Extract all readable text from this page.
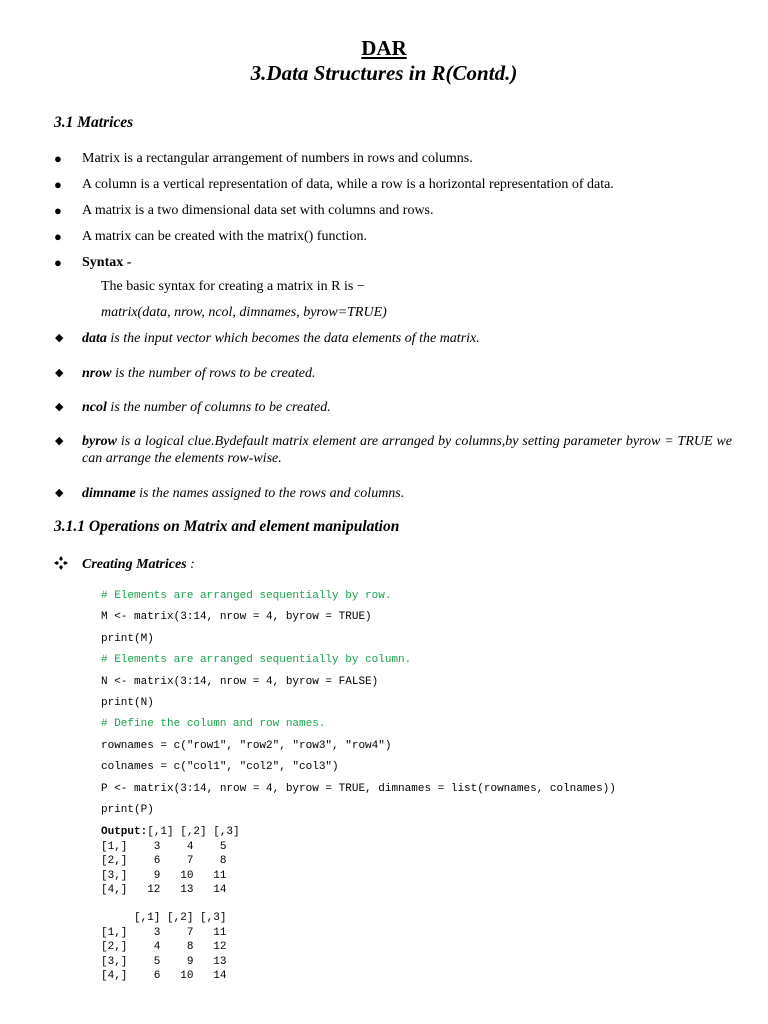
DAR
3.Data Structures in R(Contd.)
3.1 Matrices
● Matrix is a rectangular arrangement of numbers in rows and columns.
● A column is a vertical representation of data, while a row is a horizontal representation of data.
● A matrix is a two dimensional data set with columns and rows.
● A matrix can be created with the matrix() function.
● Syntax -
The basic syntax for creating a matrix in R is −
matrix(data, nrow, ncol, dimnames, byrow=TRUE)
◆ data is the input vector which becomes the data elements of the matrix.
◆ nrow is the number of rows to be created.
◆ ncol is the number of columns to be created.
◆ byrow is a logical clue.Bydefault matrix element are arranged by columns,by setting parameter byrow = TRUE we can arrange the elements row-wise.
◆ dimname is the names assigned to the rows and columns.
3.1.1 Operations on Matrix and element manipulation
Creating Matrices :
# Elements are arranged sequentially by row.
M <- matrix(3:14, nrow = 4, byrow = TRUE)
print(M)
# Elements are arranged sequentially by column.
N <- matrix(3:14, nrow = 4, byrow = FALSE)
print(N)
# Define the column and row names.
rownames = c("row1", "row2", "row3", "row4")
colnames = c("col1", "col2", "col3")
P <- matrix(3:14, nrow = 4, byrow = TRUE, dimnames = list(rownames, colnames))
print(P)
Output:[,1] [,2] [,3]
[1,]    3    4    5
[2,]    6    7    8
[3,]    9   10   11
[4,]   12   13   14
[,1] [,2] [,3]
[1,]    3    7   11
[2,]    4    8   12
[3,]    5    9   13
[4,]    6   10   14
